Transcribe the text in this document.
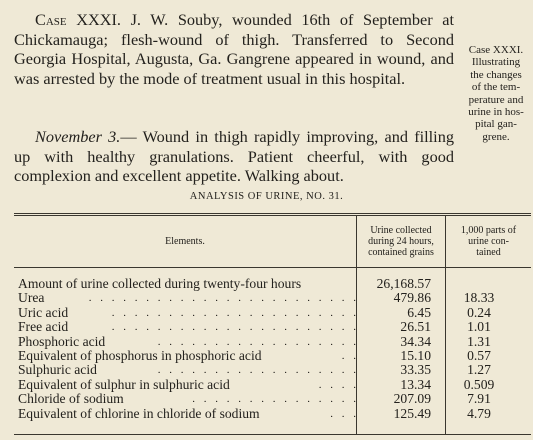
Case XXXI. J. W. Souby, wounded 16th of September at Chickamauga; flesh-wound of thigh. Transferred to Second Georgia Hospital, Augusta, Ga. Gangrene appeared in wound, and was arrested by the mode of treatment usual in this hospital.

Case XXXI.
Illustrating
the changes
of the tem-
perature and
urine in hos-
pital gan-
grene.

November 3.— Wound in thigh rapidly improving, and filling up with healthy granulations. Patient cheerful, with good complexion and excellent appetite. Walking about.

ANALYSIS OF URINE, NO. 31.
Elements.
Urine collected
during 24 hours,
contained grains
1,000 parts of
urine con-
tained
Amount of urine collected during twenty-four hours	26,168.57
Urea	. . . . . . . . . . . . . . . . . . . . . . . .	479.86	18.33
Uric acid	. . . . . . . . . . . . . . . . . . . . . .	6.45	0.24
Free acid	. . . . . . . . . . . . . . . . . . . . . .	26.51	1.01
Phosphoric acid	. . . . . . . . . . . . . . . . . .	34.34	1.31
Equivalent of phosphorus in phosphoric acid	. .	15.10	0.57
Sulphuric acid	. . . . . . . . . . . . . . . . . .	33.35	1.27
Equivalent of sulphur in sulphuric acid	. . . .	13.34	0.509
Chloride of sodium	. . . . . . . . . . . . . . .	207.09	7.91
Equivalent of chlorine in chloride of sodium	. . .	125.49	4.79
